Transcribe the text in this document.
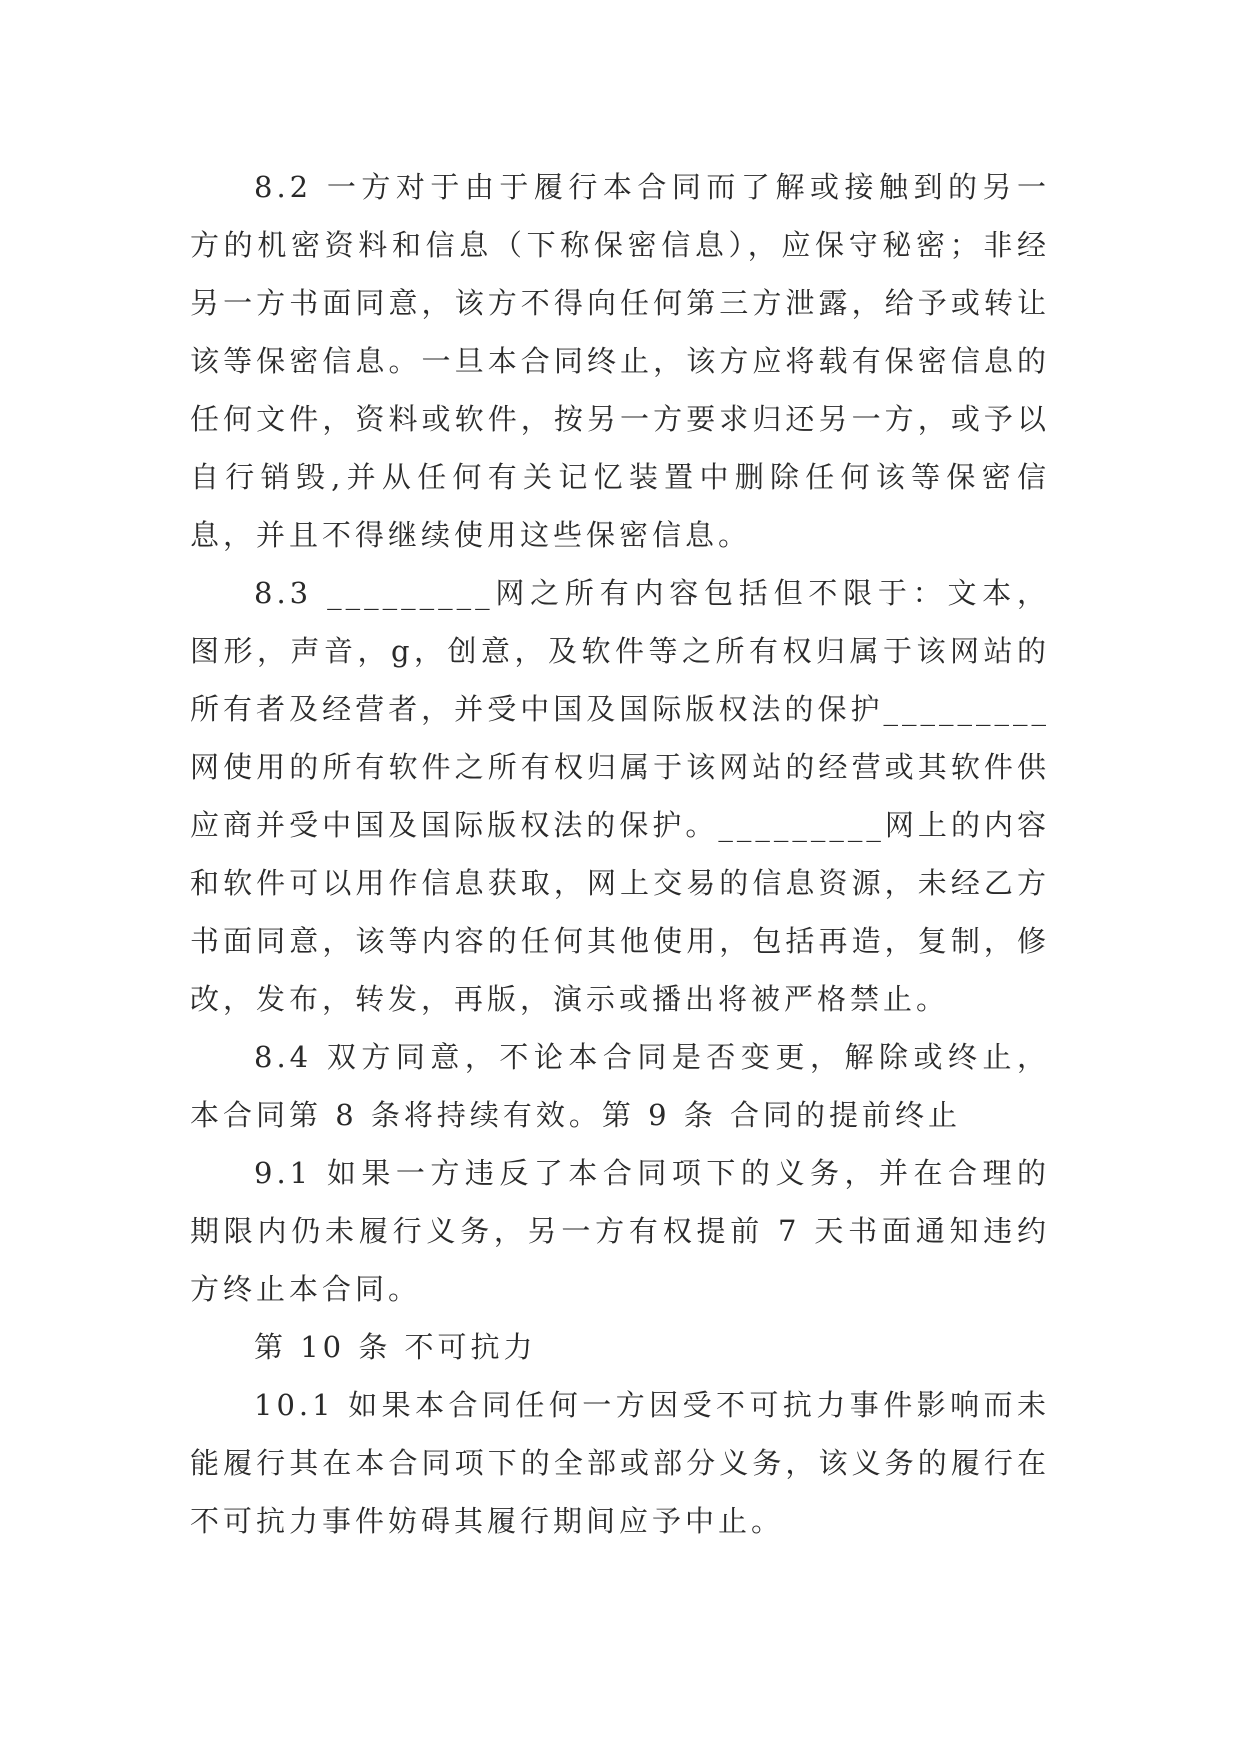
8.2 一方对于由于履行本合同而了解或接触到的另一方的机密资料和信息（下称保密信息），应保守秘密；非经另一方书面同意，该方不得向任何第三方泄露，给予或转让该等保密信息。一旦本合同终止，该方应将载有保密信息的任何文件，资料或软件，按另一方要求归还另一方，或予以自行销毁,并从任何有关记忆装置中删除任何该等保密信息，并且不得继续使用这些保密信息。

8.3 _________网之所有内容包括但不限于：文本，图形，声音，g，创意，及软件等之所有权归属于该网站的所有者及经营者，并受中国及国际版权法的保护_________网使用的所有软件之所有权归属于该网站的经营或其软件供应商并受中国及国际版权法的保护。_________网上的内容和软件可以用作信息获取，网上交易的信息资源，未经乙方书面同意，该等内容的任何其他使用，包括再造，复制，修改，发布，转发，再版，演示或播出将被严格禁止。

8.4 双方同意，不论本合同是否变更，解除或终止，本合同第 8 条将持续有效。第 9 条 合同的提前终止

9.1 如果一方违反了本合同项下的义务，并在合理的期限内仍未履行义务，另一方有权提前 7 天书面通知违约方终止本合同。

第 10 条 不可抗力

10.1 如果本合同任何一方因受不可抗力事件影响而未能履行其在本合同项下的全部或部分义务，该义务的履行在不可抗力事件妨碍其履行期间应予中止。
